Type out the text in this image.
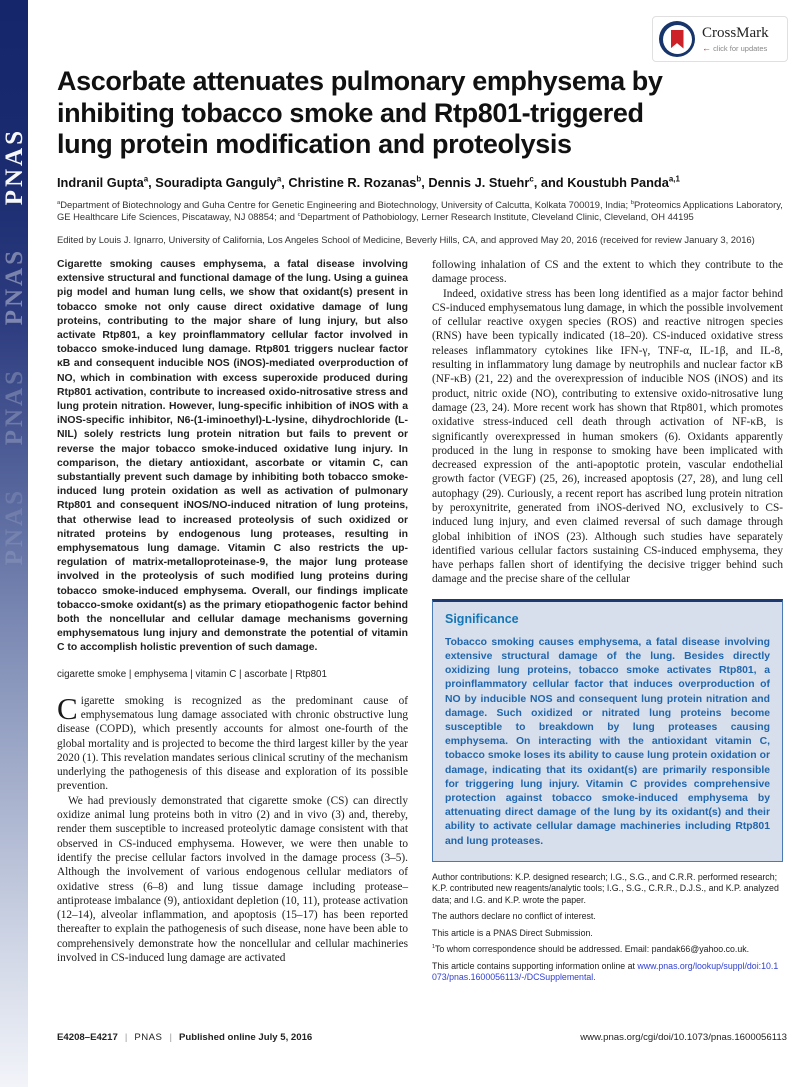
PNAS
PNAS
PNAS
PNAS
CrossMark
← click for updates
Ascorbate attenuates pulmonary emphysema by inhibiting tobacco smoke and Rtp801-triggered lung protein modification and proteolysis
Indranil Gupta$^a$, Souradipta Ganguly$^a$, Christine R. Rozanas$^b$, Dennis J. Stuehr$^c$, and Koustubh Panda$^{a,1}$
$^a$Department of Biotechnology and Guha Centre for Genetic Engineering and Biotechnology, University of Calcutta, Kolkata 700019, India; $^b$Proteomics Applications Laboratory, GE Healthcare Life Sciences, Piscataway, NJ 08854; and $^c$Department of Pathobiology, Lerner Research Institute, Cleveland Clinic, Cleveland, OH 44195
Edited by Louis J. Ignarro, University of California, Los Angeles School of Medicine, Beverly Hills, CA, and approved May 20, 2016 (received for review January 3, 2016)
Cigarette smoking causes emphysema, a fatal disease involving extensive structural and functional damage of the lung. Using a guinea pig model and human lung cells, we show that oxidant(s) present in tobacco smoke not only cause direct oxidative damage of lung proteins, contributing to the major share of lung injury, but also activate Rtp801, a key proinflammatory cellular factor involved in tobacco smoke-induced lung damage. Rtp801 triggers nuclear factor κB and consequent inducible NOS (iNOS)-mediated overproduction of NO, which in combination with excess superoxide produced during Rtp801 activation, contribute to increased oxido-nitrosative stress and lung protein nitration. However, lung-specific inhibition of iNOS with a iNOS-specific inhibitor, N6-(1-iminoethyl)-L-lysine, dihydrochloride (L-NIL) solely restricts lung protein nitration but fails to prevent or reverse the major tobacco smoke-induced oxidative lung injury. In comparison, the dietary antioxidant, ascorbate or vitamin C, can substantially prevent such damage by inhibiting both tobacco smoke-induced lung protein oxidation as well as activation of pulmonary Rtp801 and consequent iNOS/NO-induced nitration of lung proteins, that otherwise lead to increased proteolysis of such oxidized or nitrated proteins by endogenous lung proteases, resulting in emphysematous lung damage. Vitamin C also restricts the up-regulation of matrix-metalloproteinase-9, the major lung protease involved in the proteolysis of such modified lung proteins during tobacco smoke-induced emphysema. Overall, our findings implicate tobacco-smoke oxidant(s) as the primary etiopathogenic factor behind both the noncellular and cellular damage mechanisms governing emphysematous lung injury and demonstrate the potential of vitamin C to accomplish holistic prevention of such damage.
cigarette smoke | emphysema | vitamin C | ascorbate | Rtp801

Cigarette smoking is recognized as the predominant cause of emphysematous lung damage associated with chronic obstructive lung disease (COPD), which presently accounts for almost one-fourth of the global mortality and is projected to become the third largest killer by the year 2020 (1). This revelation mandates serious clinical scrutiny of the mechanism underlying the pathogenesis of this disease and exploration of its possible prevention.

We had previously demonstrated that cigarette smoke (CS) can directly oxidize animal lung proteins both in vitro (2) and in vivo (3) and, thereby, render them susceptible to increased proteolytic damage consistent with that observed in CS-induced emphysema. However, we were then unable to identify the precise cellular factors involved in the damage process (3–5). Although the involvement of various endogenous cellular mediators of oxidative stress (6–8) and lung tissue damage including protease–antiprotease imbalance (9), antioxidant depletion (10, 11), protease activation (12–14), alveolar inflammation, and apoptosis (15–17) has been reported thereafter to explain the pathogenesis of such disease, none have been able to comprehensively demonstrate how the noncellular and cellular machineries involved in CS-induced lung damage are activated

following inhalation of CS and the extent to which they contribute to the damage process.

Indeed, oxidative stress has been long identified as a major factor behind CS-induced emphysematous lung damage, in which the possible involvement of cellular reactive oxygen species (ROS) and reactive nitrogen species (RNS) have been typically indicated (18–20). CS-induced oxidative stress releases inflammatory cytokines like IFN-γ, TNF-α, IL-1β, and IL-8, resulting in inflammatory lung damage by neutrophils and nuclear factor κB (NF-κB) (21, 22) and the overexpression of inducible NOS (iNOS) and its product, nitric oxide (NO), contributing to extensive oxido-nitrosative lung damage (23, 24). More recent work has shown that Rtp801, which promotes oxidative stress-induced cell death through activation of NF-κB, is significantly overexpressed in human smokers (6). Oxidants apparently produced in the lung in response to smoking have been implicated with decreased expression of the anti-apoptotic protein, vascular endothelial growth factor (VEGF) (25, 26), increased apoptosis (27, 28), and lung cell autophagy (29). Curiously, a recent report has ascribed lung protein nitration by peroxynitrite, generated from iNOS-derived NO, exclusively to CS-induced lung injury, and even claimed reversal of such damage through global inhibition of iNOS (23). Although such studies have separately identified various cellular factors sustaining CS-induced emphysema, they have perhaps fallen short of identifying the decisive trigger behind such damage and the precise share of the cellular

Significance
Tobacco smoking causes emphysema, a fatal disease involving extensive structural damage of the lung. Besides directly oxidizing lung proteins, tobacco smoke activates Rtp801, a proinflammatory cellular factor that induces overproduction of NO by inducible NOS and consequent lung protein nitration and damage. Such oxidized or nitrated lung proteins become susceptible to breakdown by lung proteases causing emphysema. On interacting with the antioxidant vitamin C, tobacco smoke loses its ability to cause lung protein oxidation or damage, indicating that its oxidant(s) are primarily responsible for triggering lung injury. Vitamin C provides comprehensive protection against tobacco smoke-induced emphysema by attenuating direct damage of the lung by its oxidant(s) and their ability to activate cellular damage machineries including Rtp801 and lung proteases.
Author contributions: K.P. designed research; I.G., S.G., and C.R.R. performed research; K.P. contributed new reagents/analytic tools; I.G., S.G., C.R.R., D.J.S., and K.P. analyzed data; and I.G. and K.P. wrote the paper.
The authors declare no conflict of interest.
This article is a PNAS Direct Submission.
$^1$To whom correspondence should be addressed. Email: pandak66@yahoo.co.uk.
This article contains supporting information online at www.pnas.org/lookup/suppl/doi:10.1073/pnas.1600056113/-/DCSupplemental.
E4208–E4217 | PNAS | Published online July 5, 2016	www.pnas.org/cgi/doi/10.1073/pnas.1600056113
